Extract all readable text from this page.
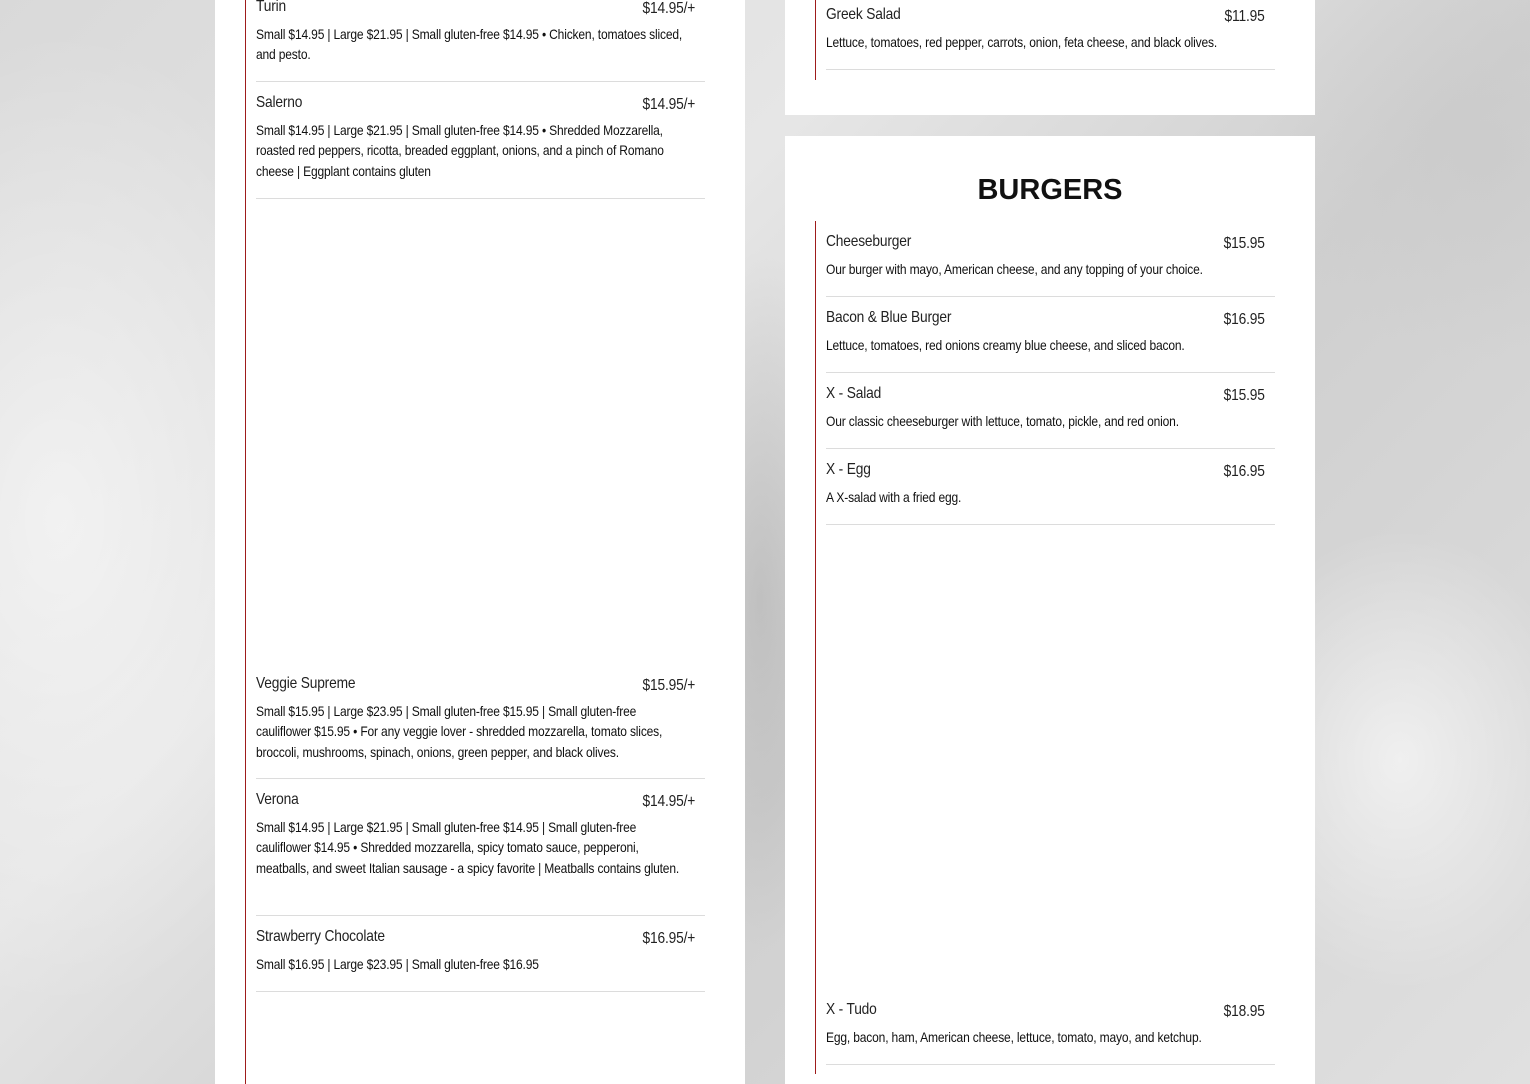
Turin	$14.95/+
Small $14.95 | Large $21.95 | Small gluten-free $14.95 • Chicken, tomatoes sliced, and pesto.
Salerno	$14.95/+
Small $14.95 | Large $21.95 | Small gluten-free $14.95 • Shredded Mozzarella, roasted red peppers, ricotta, breaded eggplant, onions, and a pinch of Romano cheese | Eggplant contains gluten
Veggie Supreme	$15.95/+
Small $15.95 | Large $23.95 | Small gluten-free $15.95 | Small gluten-free cauliflower $15.95 • For any veggie lover - shredded mozzarella, tomato slices, broccoli, mushrooms, spinach, onions, green pepper, and black olives.
Verona	$14.95/+
Small $14.95 | Large $21.95 | Small gluten-free $14.95 | Small gluten-free cauliflower $14.95 • Shredded mozzarella, spicy tomato sauce, pepperoni, meatballs, and sweet Italian sausage - a spicy favorite | Meatballs contains gluten.
Strawberry Chocolate	$16.95/+
Small $16.95 | Large $23.95 | Small gluten-free $16.95
Greek Salad	$11.95
Lettuce, tomatoes, red pepper, carrots, onion, feta cheese, and black olives.
BURGERS
Cheeseburger	$15.95
Our burger with mayo, American cheese, and any topping of your choice.
Bacon & Blue Burger	$16.95
Lettuce, tomatoes, red onions creamy blue cheese, and sliced bacon.
X - Salad	$15.95
Our classic cheeseburger with lettuce, tomato, pickle, and red onion.
X - Egg	$16.95
A X-salad with a fried egg.
X - Tudo	$18.95
Egg, bacon, ham, American cheese, lettuce, tomato, mayo, and ketchup.
